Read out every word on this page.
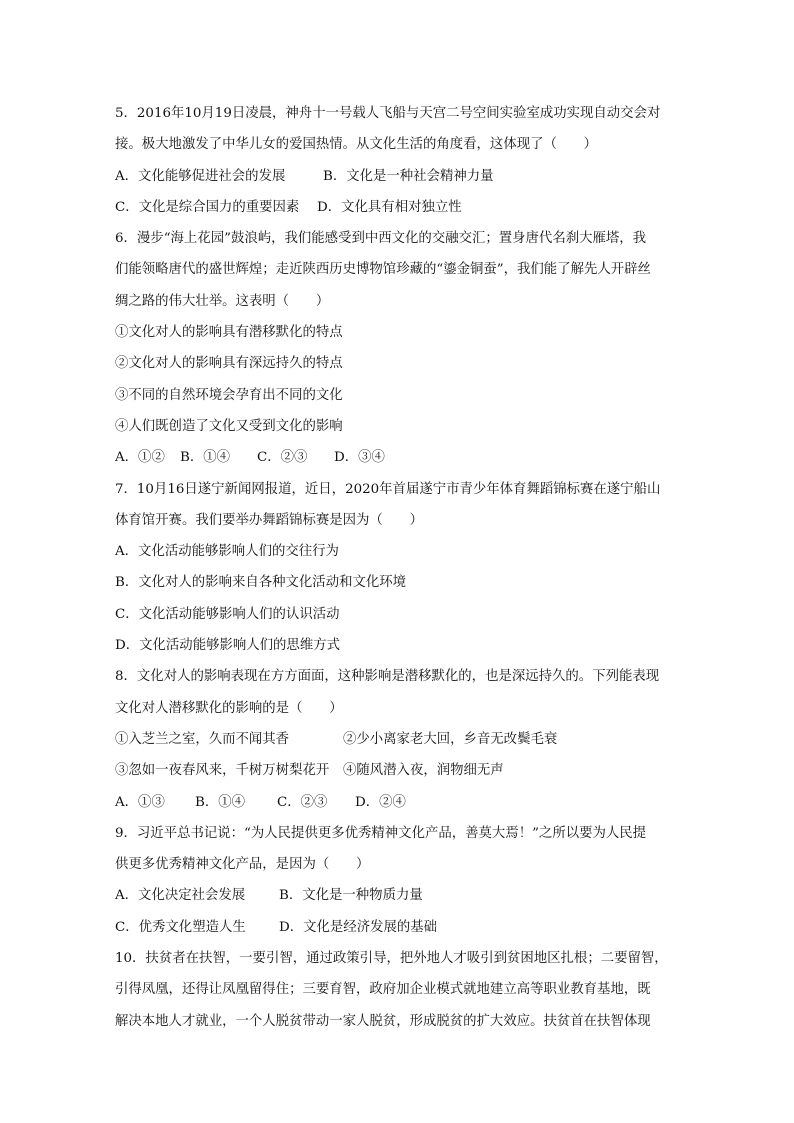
5．2016年10月19日凌晨，神舟十一号载人飞船与天宫二号空间实验室成功实现自动交会对
接。极大地激发了中华儿女的爱国热情。从文化生活的角度看，这体现了（　　）
A．文化能够促进社会的发展	B．文化是一种社会精神力量
C．文化是综合国力的重要因素 D．文化具有相对独立性
6．漫步“海上花园”鼓浪屿，我们能感受到中西文化的交融交汇；置身唐代名刹大雁塔，我
们能领略唐代的盛世辉煌；走近陕西历史博物馆珍藏的“鎏金铜蚕”，我们能了解先人开辟丝
绸之路的伟大壮举。这表明（　　）
①文化对人的影响具有潜移默化的特点
②文化对人的影响具有深远持久的特点
③不同的自然环境会孕育出不同的文化
④人们既创造了文化又受到文化的影响
A．①② B．①④ C．②③ D．③④
7．10月16日遂宁新闻网报道，近日，2020年首届遂宁市青少年体育舞蹈锦标赛在遂宁船山
体育馆开赛。我们要举办舞蹈锦标赛是因为（　　）
A．文化活动能够影响人们的交往行为
B．文化对人的影响来自各种文化活动和文化环境
C．文化活动能够影响人们的认识活动
D．文化活动能够影响人们的思维方式
8．文化对人的影响表现在方方面面，这种影响是潜移默化的，也是深远持久的。下列能表现
文化对人潜移默化的影响的是（　　）
①入芝兰之室，久而不闻其香	②少小离家老大回，乡音无改鬓毛衰
③忽如一夜春风来，千树万树梨花开 ④随风潜入夜，润物细无声
A．①③ B．①④ C．②③ D．②④
9．习近平总书记说：“为人民提供更多优秀精神文化产品，善莫大焉！”之所以要为人民提
供更多优秀精神文化产品，是因为（　　）
A．文化决定社会发展	B．文化是一种物质力量
C．优秀文化塑造人生 D．文化是经济发展的基础
10．扶贫者在扶智，一要引智，通过政策引导，把外地人才吸引到贫困地区扎根；二要留智，
引得凤凰，还得让凤凰留得住；三要育智，政府加企业模式就地建立高等职业教育基地，既
解决本地人才就业，一个人脱贫带动一家人脱贫，形成脱贫的扩大效应。扶贫首在扶智体现
